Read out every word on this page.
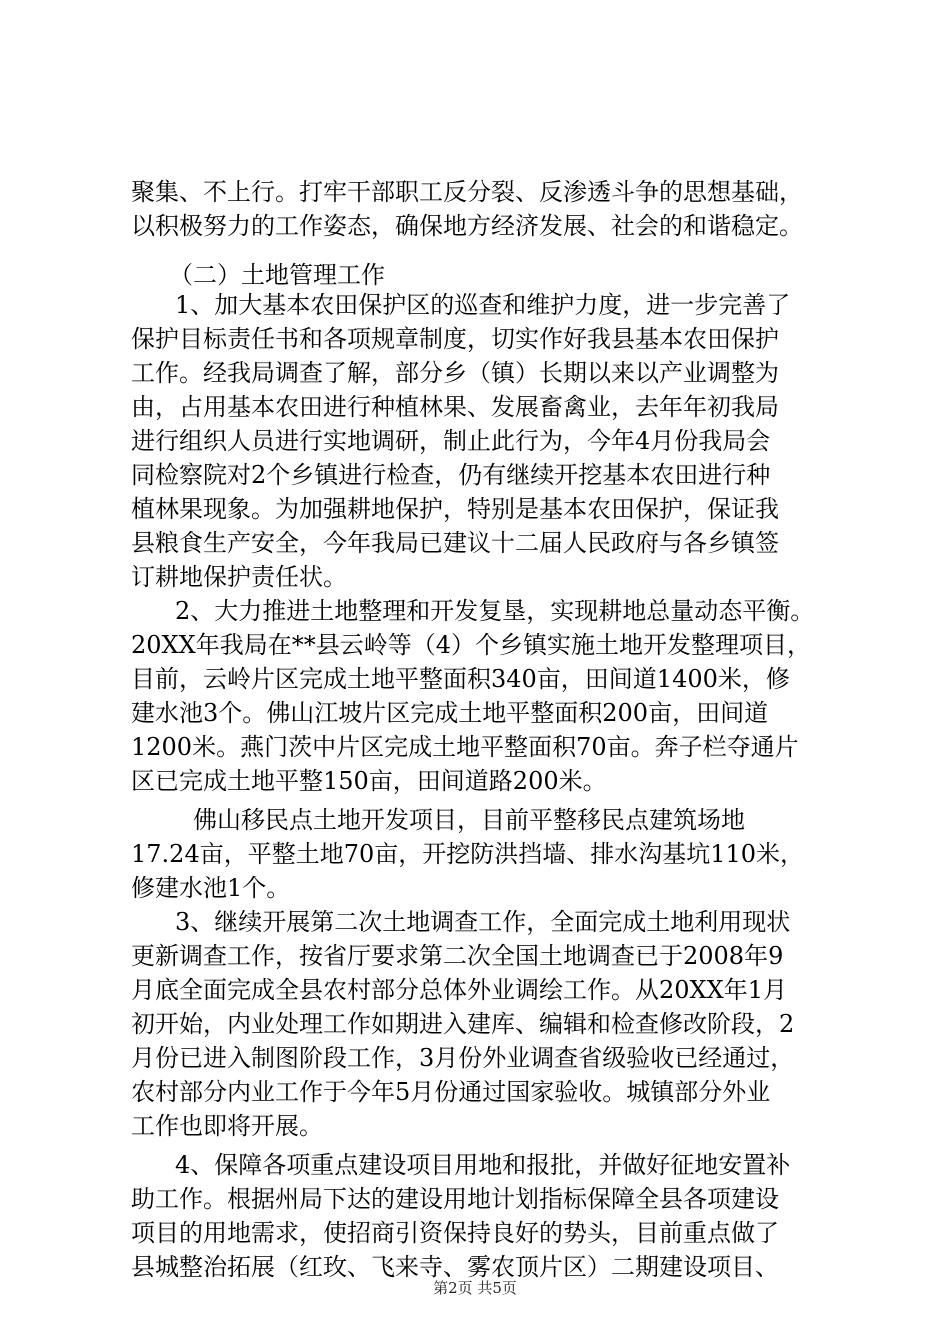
聚集、不上行。打牢干部职工反分裂、反渗透斗争的思想基础，
以积极努力的工作姿态，确保地方经济发展、社会的和谐稳定。
（二）土地管理工作
1、加大基本农田保护区的巡查和维护力度，进一步完善了
保护目标责任书和各项规章制度，切实作好我县基本农田保护
工作。经我局调查了解，部分乡（镇）长期以来以产业调整为
由，占用基本农田进行种植林果、发展畜禽业，去年年初我局
进行组织人员进行实地调研，制止此行为，今年4月份我局会
同检察院对2个乡镇进行检查，仍有继续开挖基本农田进行种
植林果现象。为加强耕地保护，特别是基本农田保护，保证我
县粮食生产安全，今年我局已建议十二届人民政府与各乡镇签
订耕地保护责任状。
2、大力推进土地整理和开发复垦，实现耕地总量动态平衡。
20XX年我局在**县云岭等（4）个乡镇实施土地开发整理项目，
目前，云岭片区完成土地平整面积340亩，田间道1400米，修
建水池3个。佛山江坡片区完成土地平整面积200亩，田间道
1200米。燕门茨中片区完成土地平整面积70亩。奔子栏夺通片
区已完成土地平整150亩，田间道路200米。
佛山移民点土地开发项目，目前平整移民点建筑场地
17.24亩，平整土地70亩，开挖防洪挡墙、排水沟基坑110米，
修建水池1个。
3、继续开展第二次土地调查工作，全面完成土地利用现状
更新调查工作，按省厅要求第二次全国土地调查已于2008年9
月底全面完成全县农村部分总体外业调绘工作。从20XX年1月
初开始，内业处理工作如期进入建库、编辑和检查修改阶段，2
月份已进入制图阶段工作，3月份外业调查省级验收已经通过，
农村部分内业工作于今年5月份通过国家验收。城镇部分外业
工作也即将开展。
4、保障各项重点建设项目用地和报批，并做好征地安置补
助工作。根据州局下达的建设用地计划指标保障全县各项建设
项目的用地需求，使招商引资保持良好的势头，目前重点做了
县城整治拓展（红玫、飞来寺、雾农顶片区）二期建设项目、
第2页 共5页
